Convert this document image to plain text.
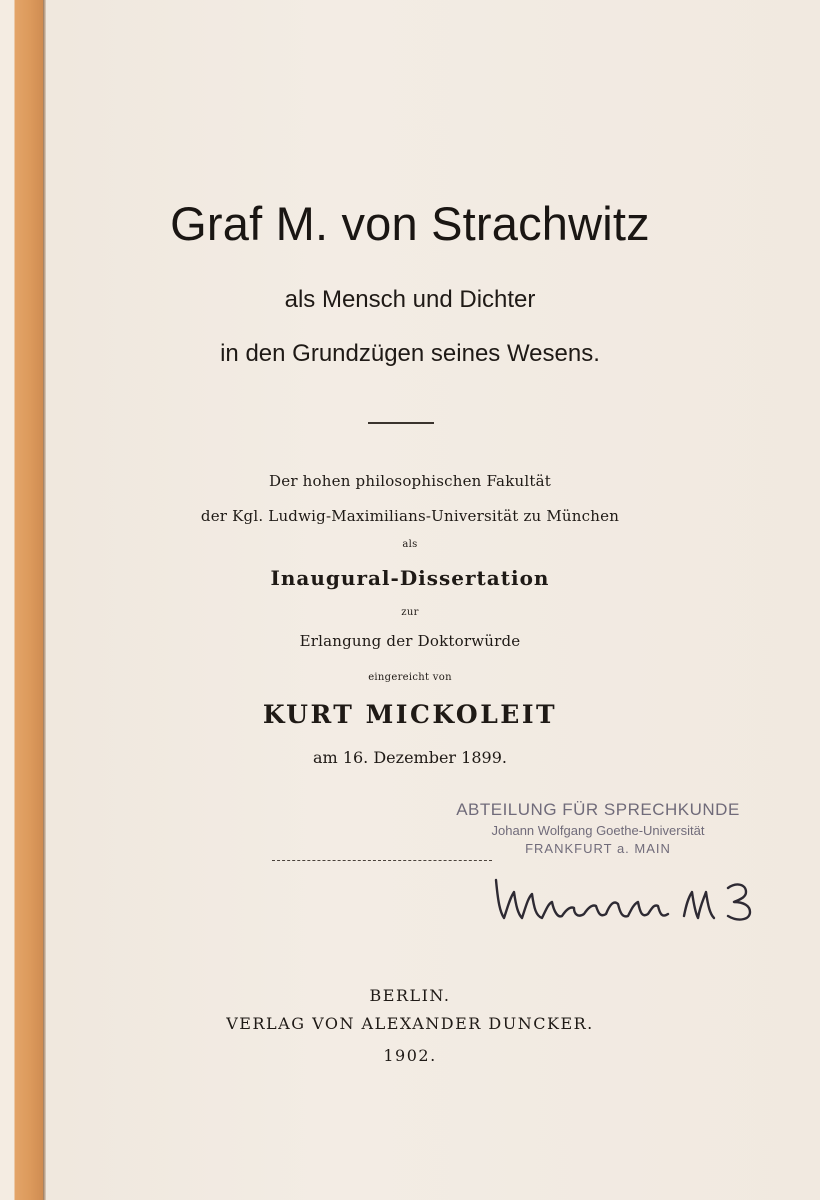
Graf M. von Strachwitz
als Mensch und Dichter
in den Grundzügen seines Wesens.
Der hohen philosophischen Fakultät
der Kgl. Ludwig-Maximilians-Universität zu München
als
Inaugural-Dissertation
zur
Erlangung der Doktorwürde
eingereicht von
KURT MICKOLEIT
am 16. Dezember 1899.
ABTEILUNG FÜR SPRECHKUNDE
Johann Wolfgang Goethe-Universität
FRANKFURT a. MAIN
BERLIN.
VERLAG VON ALEXANDER DUNCKER.
1902.
